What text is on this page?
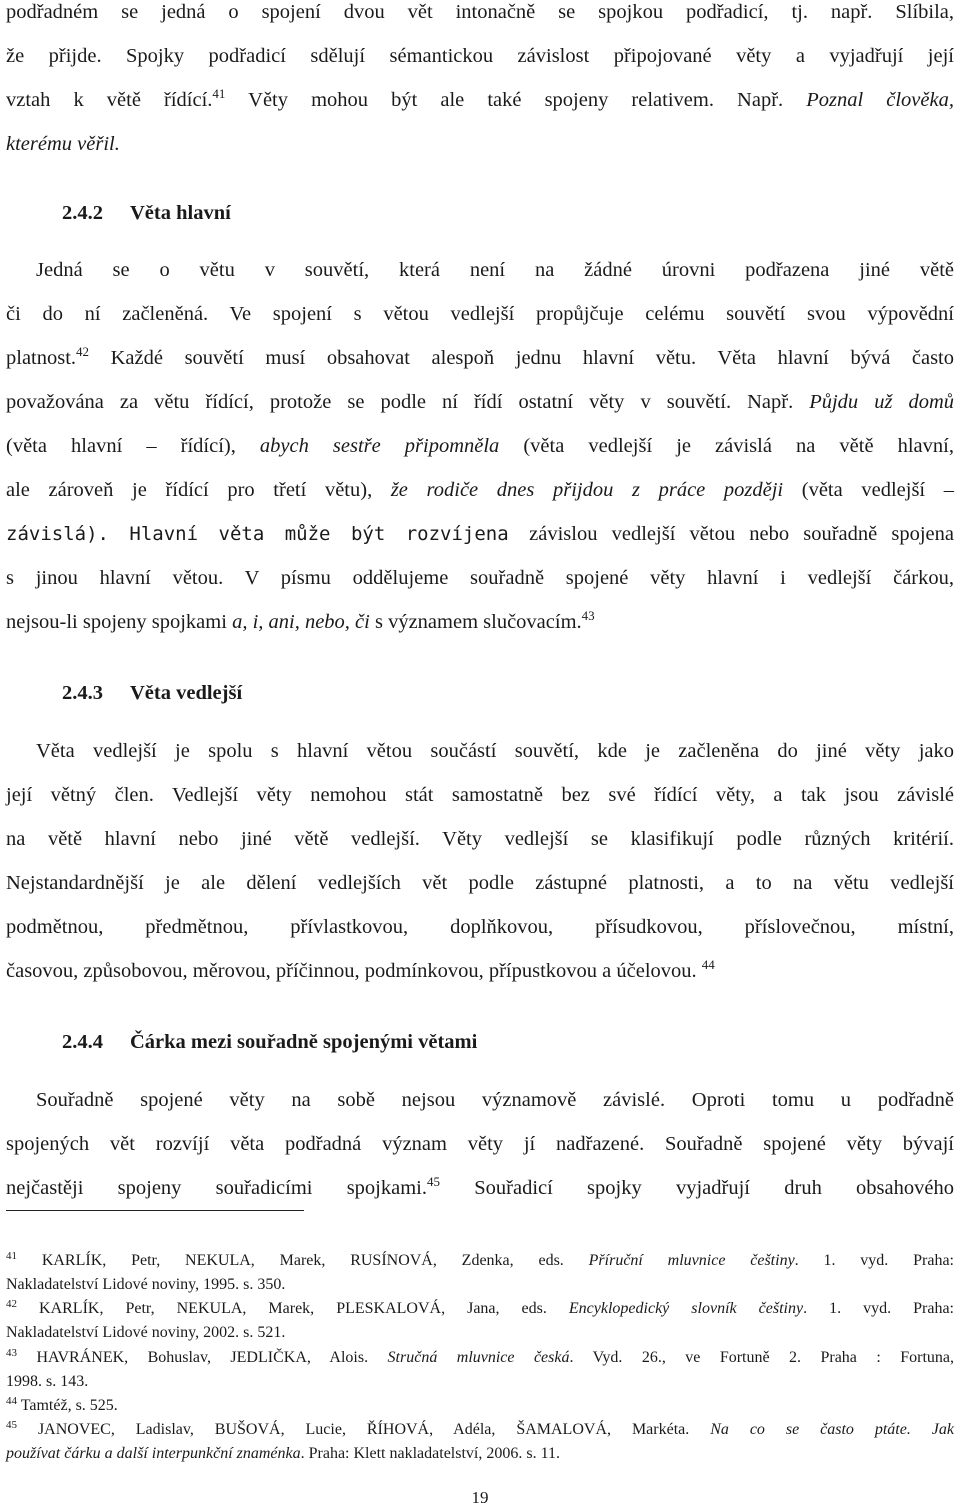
podřadném se jedná o spojení dvou vět intonačně se spojkou podřadicí, tj. např. Slíbila,
že přijde. Spojky podřadicí sdělují sémantickou závislost připojované věty a vyjadřují její
vztah k větě řídící.$^{41}$ Věty mohou být ale také spojeny relativem. Např. Poznal člověka,
kterému věřil.
2.4.2 Věta hlavní
Jedná se o větu v souvětí, která není na žádné úrovni podřazena jiné větě
či do ní začleněná. Ve spojení s větou vedlejší propůjčuje celému souvětí svou výpovědní
platnost.$^{42}$ Každé souvětí musí obsahovat alespoň jednu hlavní větu. Věta hlavní bývá často
považována za větu řídící, protože se podle ní řídí ostatní věty v souvětí. Např. Půjdu už domů
(věta hlavní – řídící), abych sestře připomněla (věta vedlejší je závislá na větě hlavní,
ale zároveň je řídící pro třetí větu), že rodiče dnes přijdou z práce později (věta vedlejší –
závislá). Hlavní věta může být rozvíjena závislou vedlejší větou nebo souřadně spojena
s jinou hlavní větou. V písmu oddělujeme souřadně spojené věty hlavní i vedlejší čárkou,
nejsou-li spojeny spojkami a, i, ani, nebo, či s významem slučovacím.$^{43}$
2.4.3 Věta vedlejší
Věta vedlejší je spolu s hlavní větou součástí souvětí, kde je začleněna do jiné věty jako
její větný člen. Vedlejší věty nemohou stát samostatně bez své řídící věty, a tak jsou závislé
na větě hlavní nebo jiné větě vedlejší. Věty vedlejší se klasifikují podle různých kritérií.
Nejstandardnější je ale dělení vedlejších vět podle zástupné platnosti, a to na větu vedlejší
podmětnou, předmětnou, přívlastkovou, doplňkovou, přísudkovou, příslovečnou, místní,
časovou, způsobovou, měrovou, příčinnou, podmínkovou, přípustkovou a účelovou. $^{44}$
2.4.4 Čárka mezi souřadně spojenými větami
Souřadně spojené věty na sobě nejsou významově závislé. Oproti tomu u podřadně
spojených vět rozvíjí věta podřadná význam věty jí nadřazené. Souřadně spojené věty bývají
nejčastěji spojeny souřadicími spojkami.$^{45}$ Souřadicí spojky vyjadřují druh obsahového
$^{41}$ KARLÍK, Petr, NEKULA, Marek, RUSÍNOVÁ, Zdenka, eds. Příruční mluvnice češtiny. 1. vyd. Praha:
Nakladatelství Lidové noviny, 1995. s. 350.
$^{42}$ KARLÍK, Petr, NEKULA, Marek, PLESKALOVÁ, Jana, eds. Encyklopedický slovník češtiny. 1. vyd. Praha:
Nakladatelství Lidové noviny, 2002. s. 521.
$^{43}$ HAVRÁNEK, Bohuslav, JEDLIČKA, Alois. Stručná mluvnice česká. Vyd. 26., ve Fortuně 2. Praha : Fortuna,
1998. s. 143.
$^{44}$ Tamtéž, s. 525.
$^{45}$ JANOVEC, Ladislav, BUŠOVÁ, Lucie, ŘÍHOVÁ, Adéla, ŠAMALOVÁ, Markéta. Na co se často ptáte. Jak
používat čárku a další interpunkční znaménka. Praha: Klett nakladatelství, 2006. s. 11.
19
